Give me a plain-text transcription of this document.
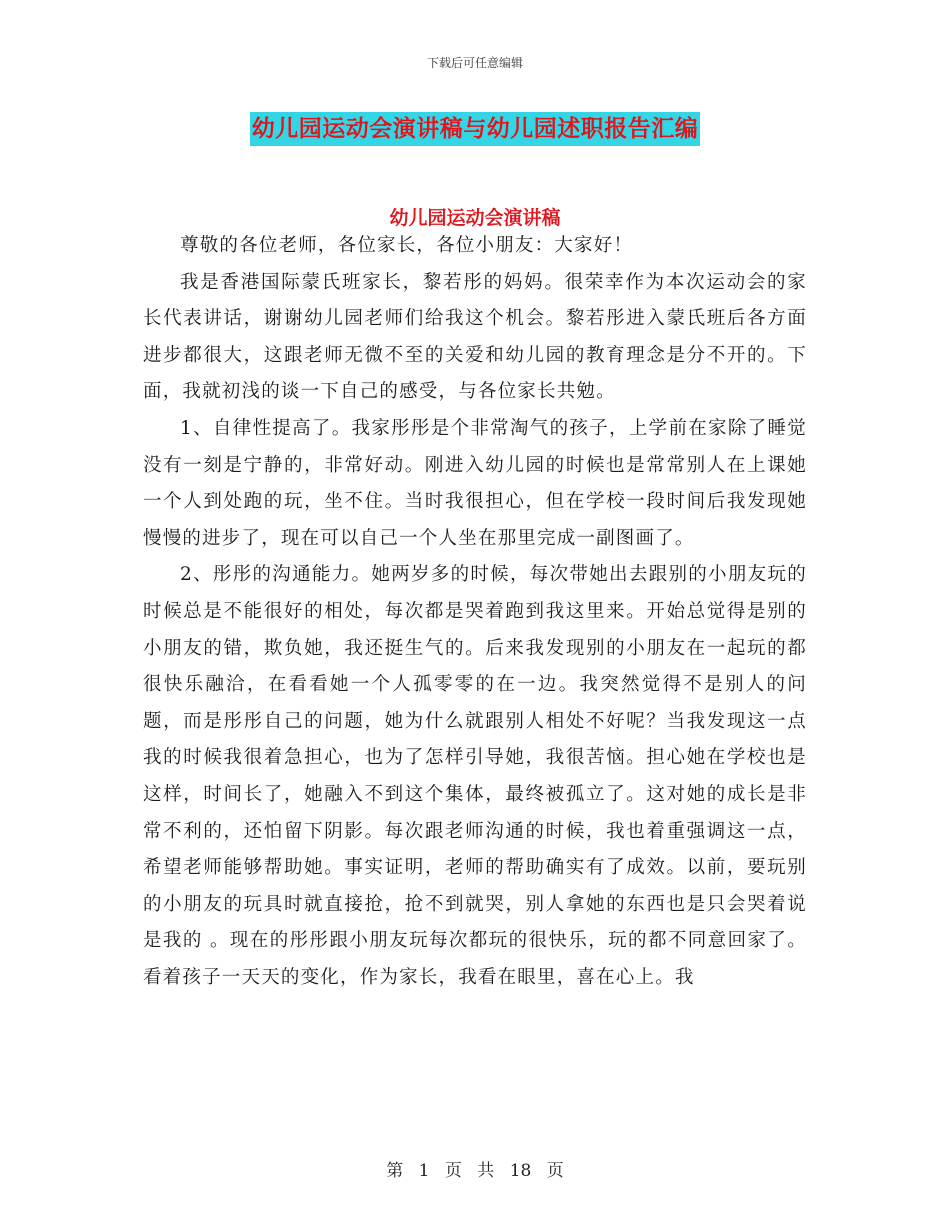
下载后可任意编辑
幼儿园运动会演讲稿与幼儿园述职报告汇编
幼儿园运动会演讲稿

尊敬的各位老师，各位家长，各位小朋友：大家好！

我是香港国际蒙氏班家长，黎若彤的妈妈。很荣幸作为本次运动会的家长代表讲话，谢谢幼儿园老师们给我这个机会。黎若彤进入蒙氏班后各方面进步都很大，这跟老师无微不至的关爱和幼儿园的教育理念是分不开的。下面，我就初浅的谈一下自己的感受，与各位家长共勉。

1、自律性提高了。我家彤彤是个非常淘气的孩子，上学前在家除了睡觉没有一刻是宁静的，非常好动。刚进入幼儿园的时候也是常常别人在上课她一个人到处跑的玩，坐不住。当时我很担心，但在学校一段时间后我发现她慢慢的进步了，现在可以自己一个人坐在那里完成一副图画了。

2、彤彤的沟通能力。她两岁多的时候，每次带她出去跟别的小朋友玩的时候总是不能很好的相处，每次都是哭着跑到我这里来。开始总觉得是别的小朋友的错，欺负她，我还挺生气的。后来我发现别的小朋友在一起玩的都很快乐融洽，在看看她一个人孤零零的在一边。我突然觉得不是别人的问题，而是彤彤自己的问题，她为什么就跟别人相处不好呢？当我发现这一点我的时候我很着急担心，也为了怎样引导她，我很苦恼。担心她在学校也是这样，时间长了，她融入不到这个集体，最终被孤立了。这对她的成长是非常不利的，还怕留下阴影。每次跟老师沟通的时候，我也着重强调这一点，希望老师能够帮助她。事实证明，老师的帮助确实有了成效。以前，要玩别的小朋友的玩具时就直接抢，抢不到就哭，别人拿她的东西也是只会哭着说 是我的 。现在的彤彤跟小朋友玩每次都玩的很快乐，玩的都不同意回家了。看着孩子一天天的变化，作为家长，我看在眼里，喜在心上。我

第 1 页 共 18 页
